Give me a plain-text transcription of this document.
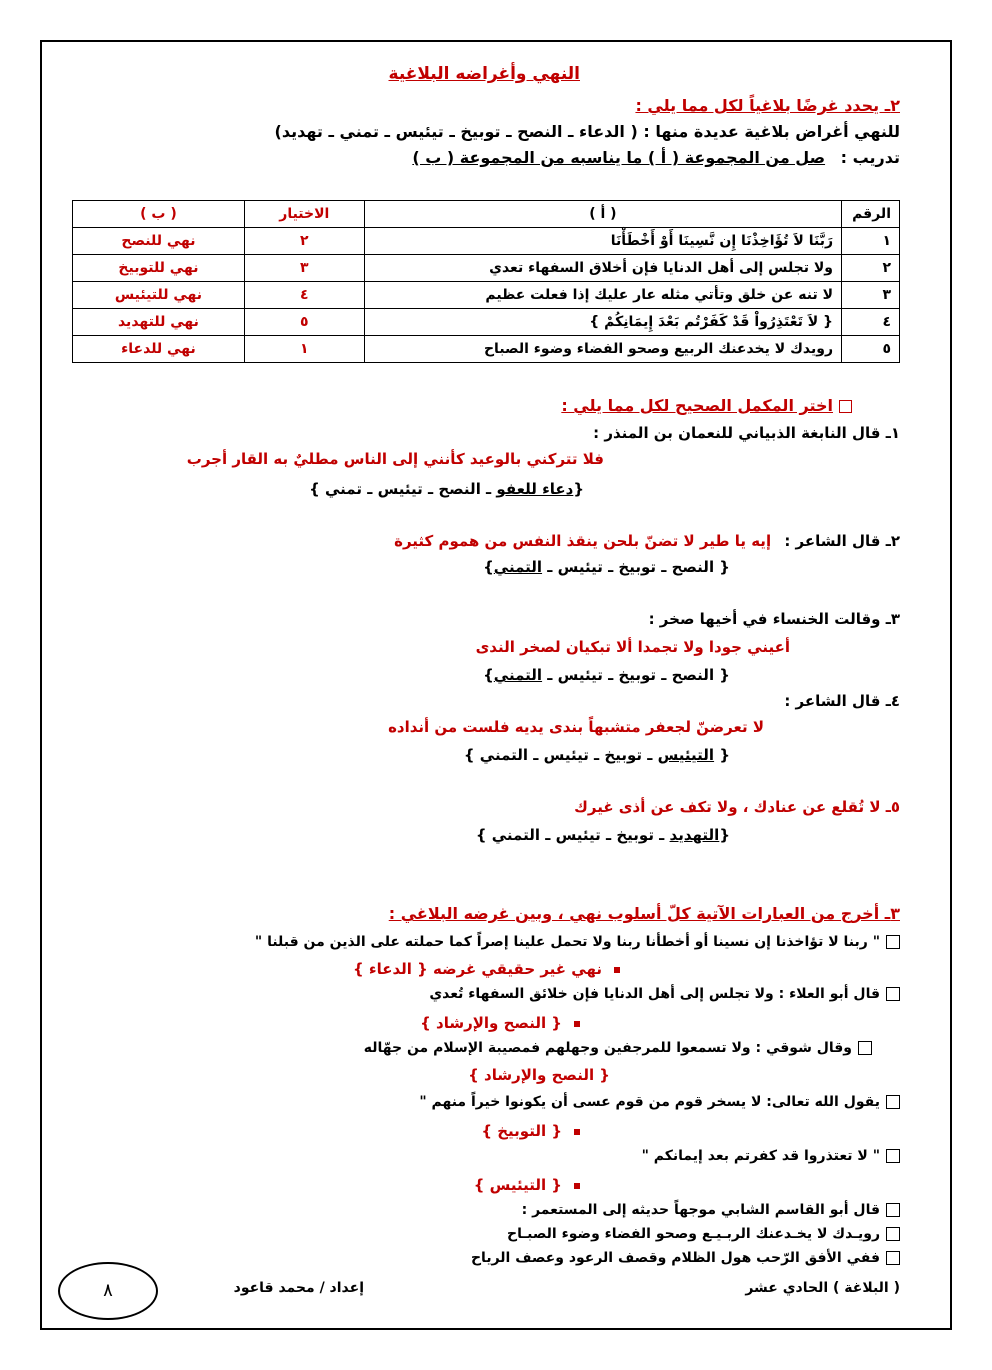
النهي وأغراضه البلاغية
٢ـ يحدد غرضًا بلاغياً لكل مما يلي :
للنهي أغراض بلاغية عديدة منها : ( الدعاء ـ النصح ـ توبيخ ـ تيئيس ـ تمني ـ تهديد)
تدريب : صل من المجموعة ( أ ) ما يناسبه من المجموعة ( ب )
الرقم	( أ )	الاختيار	( ب )
١	رَبَّنَا لاَ تُؤَاخِذْنَا إِن نَّسِينَا أَوْ أَخْطَأْنَا	٢	نهي للنصح
٢	ولا تجلس إلى أهل الدنايا فإن أخلاق السفهاء تعدي	٣	نهي للتوبيخ
٣	لا تنه عن خلق وتأتي مثله عار عليك إذا فعلت عظيم	٤	نهي للتيئيس
٤	{ لاَ تَعْتَذِرُواْ قَدْ كَفَرْتُم بَعْدَ إِيمَانِكُمْ }	٥	نهي للتهديد
٥	رويدك لا يخدعنك الربيع وصحو الفضاء وضوء الصباح	١	نهي للدعاء
اختر المكمل الصحيح لكل مما يلي :
١ـ قال النابغة الذبياني للنعمان بن المنذر :
فلا تتركني بالوعيد كأنني إلى الناس مطليٌ به القار أجرب
{دعاء للعفو ـ النصح ـ تيئيس ـ تمني }
٢ـ قال الشاعر : إيه يا طير لا تضنّ بلحن ينقذ النفس من هموم كثيرة
{ النصح ـ توبيخ ـ تيئيس ـ التمني}
٣ـ وقالت الخنساء في أخيها صخر :
أعيني جودا ولا تجمدا ألا تبكيان لصخر الندى
{ النصح ـ توبيخ ـ تيئيس ـ التمني}
٤ـ قال الشاعر :
لا تعرضنّ لجعفر متشبهاً بندى يديه فلست من أنداده
{ التيئيس ـ توبيخ ـ تيئيس ـ التمني }
٥ـ لا تُقلع عن عنادك ، ولا تكف عن أذى غيرك
{التهديد ـ توبيخ ـ تيئيس ـ التمني }
٣ـ أخرج من العبارات الآتية كلّ أسلوب نهي ، وبين غرضه البلاغي :
" ربنا لا تؤاخذنا إن نسينا أو أخطأنا ربنا ولا تحمل علينا إصراً كما حملته على الذين من قبلنا "
نهي غير حقيقي غرضه { الدعاء }
قال أبو العلاء : ولا تجلس إلى أهل الدنايا فإن خلائق السفهاء تُعدي
{ النصح والإرشاد }
وقال شوقي : ولا تسمعوا للمرجفين وجهلهم فمصيبة الإسلام من جهّاله
{ النصح والإرشاد }
يقول الله تعالى: لا يسخر قوم من قوم عسى أن يكونوا خيراً منهم "
{ التوبيخ }
" لا تعتذروا قد كفرتم بعد إيمانكم "
{ التيئيس }
قال أبو القاسم الشابي موجهاً حديثه إلى المستعمر :
رويـدك لا يخـدعنك الربـيـع وصحو الفضاء وضوء الصبـاح
ففي الأفق الرّحب هول الظلام وقصف الرعود وعصف الرياح
( البلاغة ) الحادي عشر
إعداد / محمد قاعود
٨
